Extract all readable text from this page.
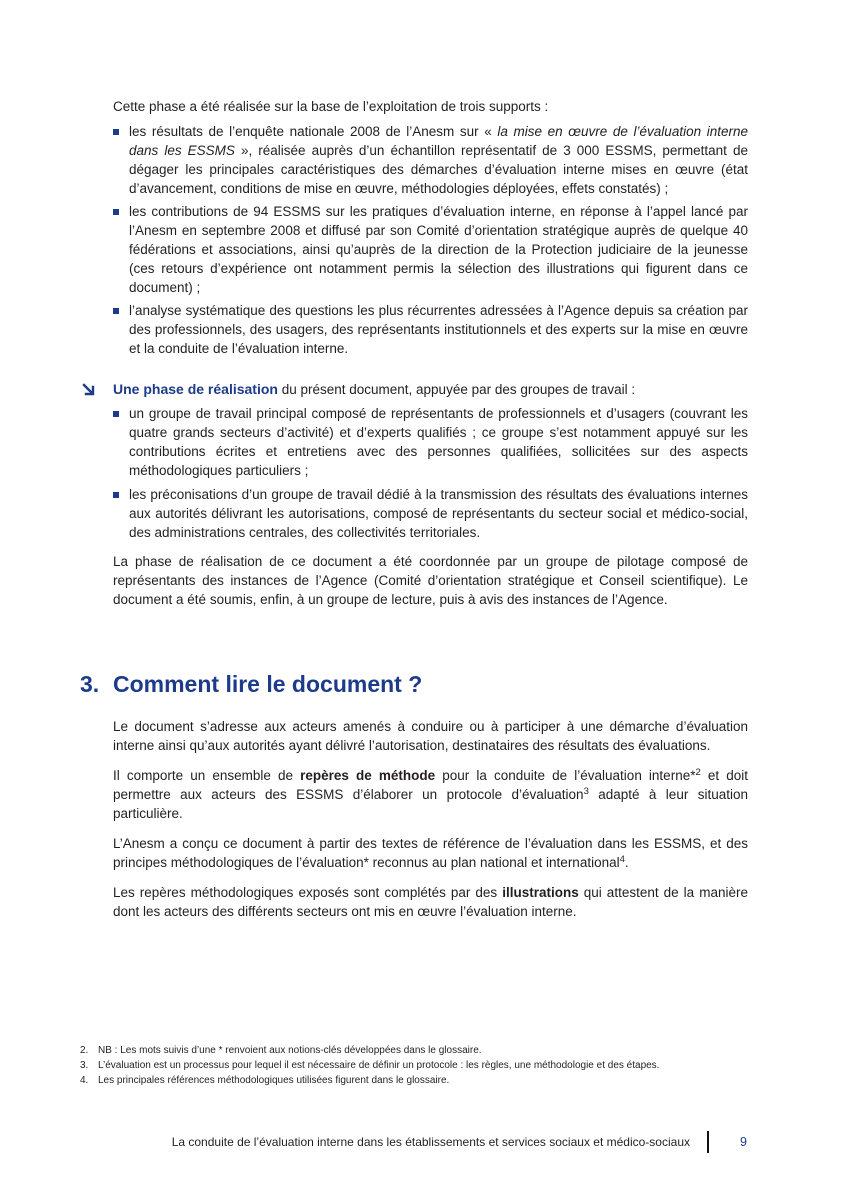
Cette phase a été réalisée sur la base de l’exploitation de trois supports :

les résultats de l’enquête nationale 2008 de l’Anesm sur « la mise en œuvre de l’évaluation interne dans les ESSMS », réalisée auprès d’un échantillon représentatif de 3 000 ESSMS, permettant de dégager les principales caractéristiques des démarches d’évaluation interne mises en œuvre (état d’avancement, conditions de mise en œuvre, méthodologies déployées, effets constatés) ;
les contributions de 94 ESSMS sur les pratiques d’évaluation interne, en réponse à l’appel lancé par l’Anesm en septembre 2008 et diffusé par son Comité d’orientation stratégique auprès de quelque 40 fédérations et associations, ainsi qu’auprès de la direction de la Protection judiciaire de la jeunesse (ces retours d’expérience ont notamment permis la sélection des illustrations qui figurent dans ce document) ;
l’analyse systématique des questions les plus récurrentes adressées à l’Agence depuis sa création par des professionnels, des usagers, des représentants institutionnels et des experts sur la mise en œuvre et la conduite de l’évaluation interne.

Une phase de réalisation du présent document, appuyée par des groupes de travail :

un groupe de travail principal composé de représentants de professionnels et d’usagers (couvrant les quatre grands secteurs d’activité) et d’experts qualifiés ; ce groupe s’est notamment appuyé sur les contributions écrites et entretiens avec des personnes qualifiées, sollicitées sur des aspects méthodologiques particuliers ;
les préconisations d’un groupe de travail dédié à la transmission des résultats des évaluations internes aux autorités délivrant les autorisations, composé de représentants du secteur social et médico-social, des administrations centrales, des collectivités territoriales.

La phase de réalisation de ce document a été coordonnée par un groupe de pilotage composé de représentants des instances de l’Agence (Comité d’orientation stratégique et Conseil scientifique). Le document a été soumis, enfin, à un groupe de lecture, puis à avis des instances de l’Agence.

3. Comment lire le document ?

Le document s’adresse aux acteurs amenés à conduire ou à participer à une démarche d’évaluation interne ainsi qu’aux autorités ayant délivré l’autorisation, destinataires des résultats des évaluations.

Il comporte un ensemble de repères de méthode pour la conduite de l’évaluation interne*$^2$ et doit permettre aux acteurs des ESSMS d’élaborer un protocole d’évaluation$^3$ adapté à leur situation particulière.

L’Anesm a conçu ce document à partir des textes de référence de l’évaluation dans les ESSMS, et des principes méthodologiques de l’évaluation* reconnus au plan national et international$^4$.

Les repères méthodologiques exposés sont complétés par des illustrations qui attestent de la manière dont les acteurs des différents secteurs ont mis en œuvre l’évaluation interne.

2. NB : Les mots suivis d’une * renvoient aux notions-clés développées dans le glossaire.
3. L’évaluation est un processus pour lequel il est nécessaire de définir un protocole : les règles, une méthodologie et des étapes.
4. Les principales références méthodologiques utilisées figurent dans le glossaire.
La conduite de l’évaluation interne dans les établissements et services sociaux et médico-sociaux	9
